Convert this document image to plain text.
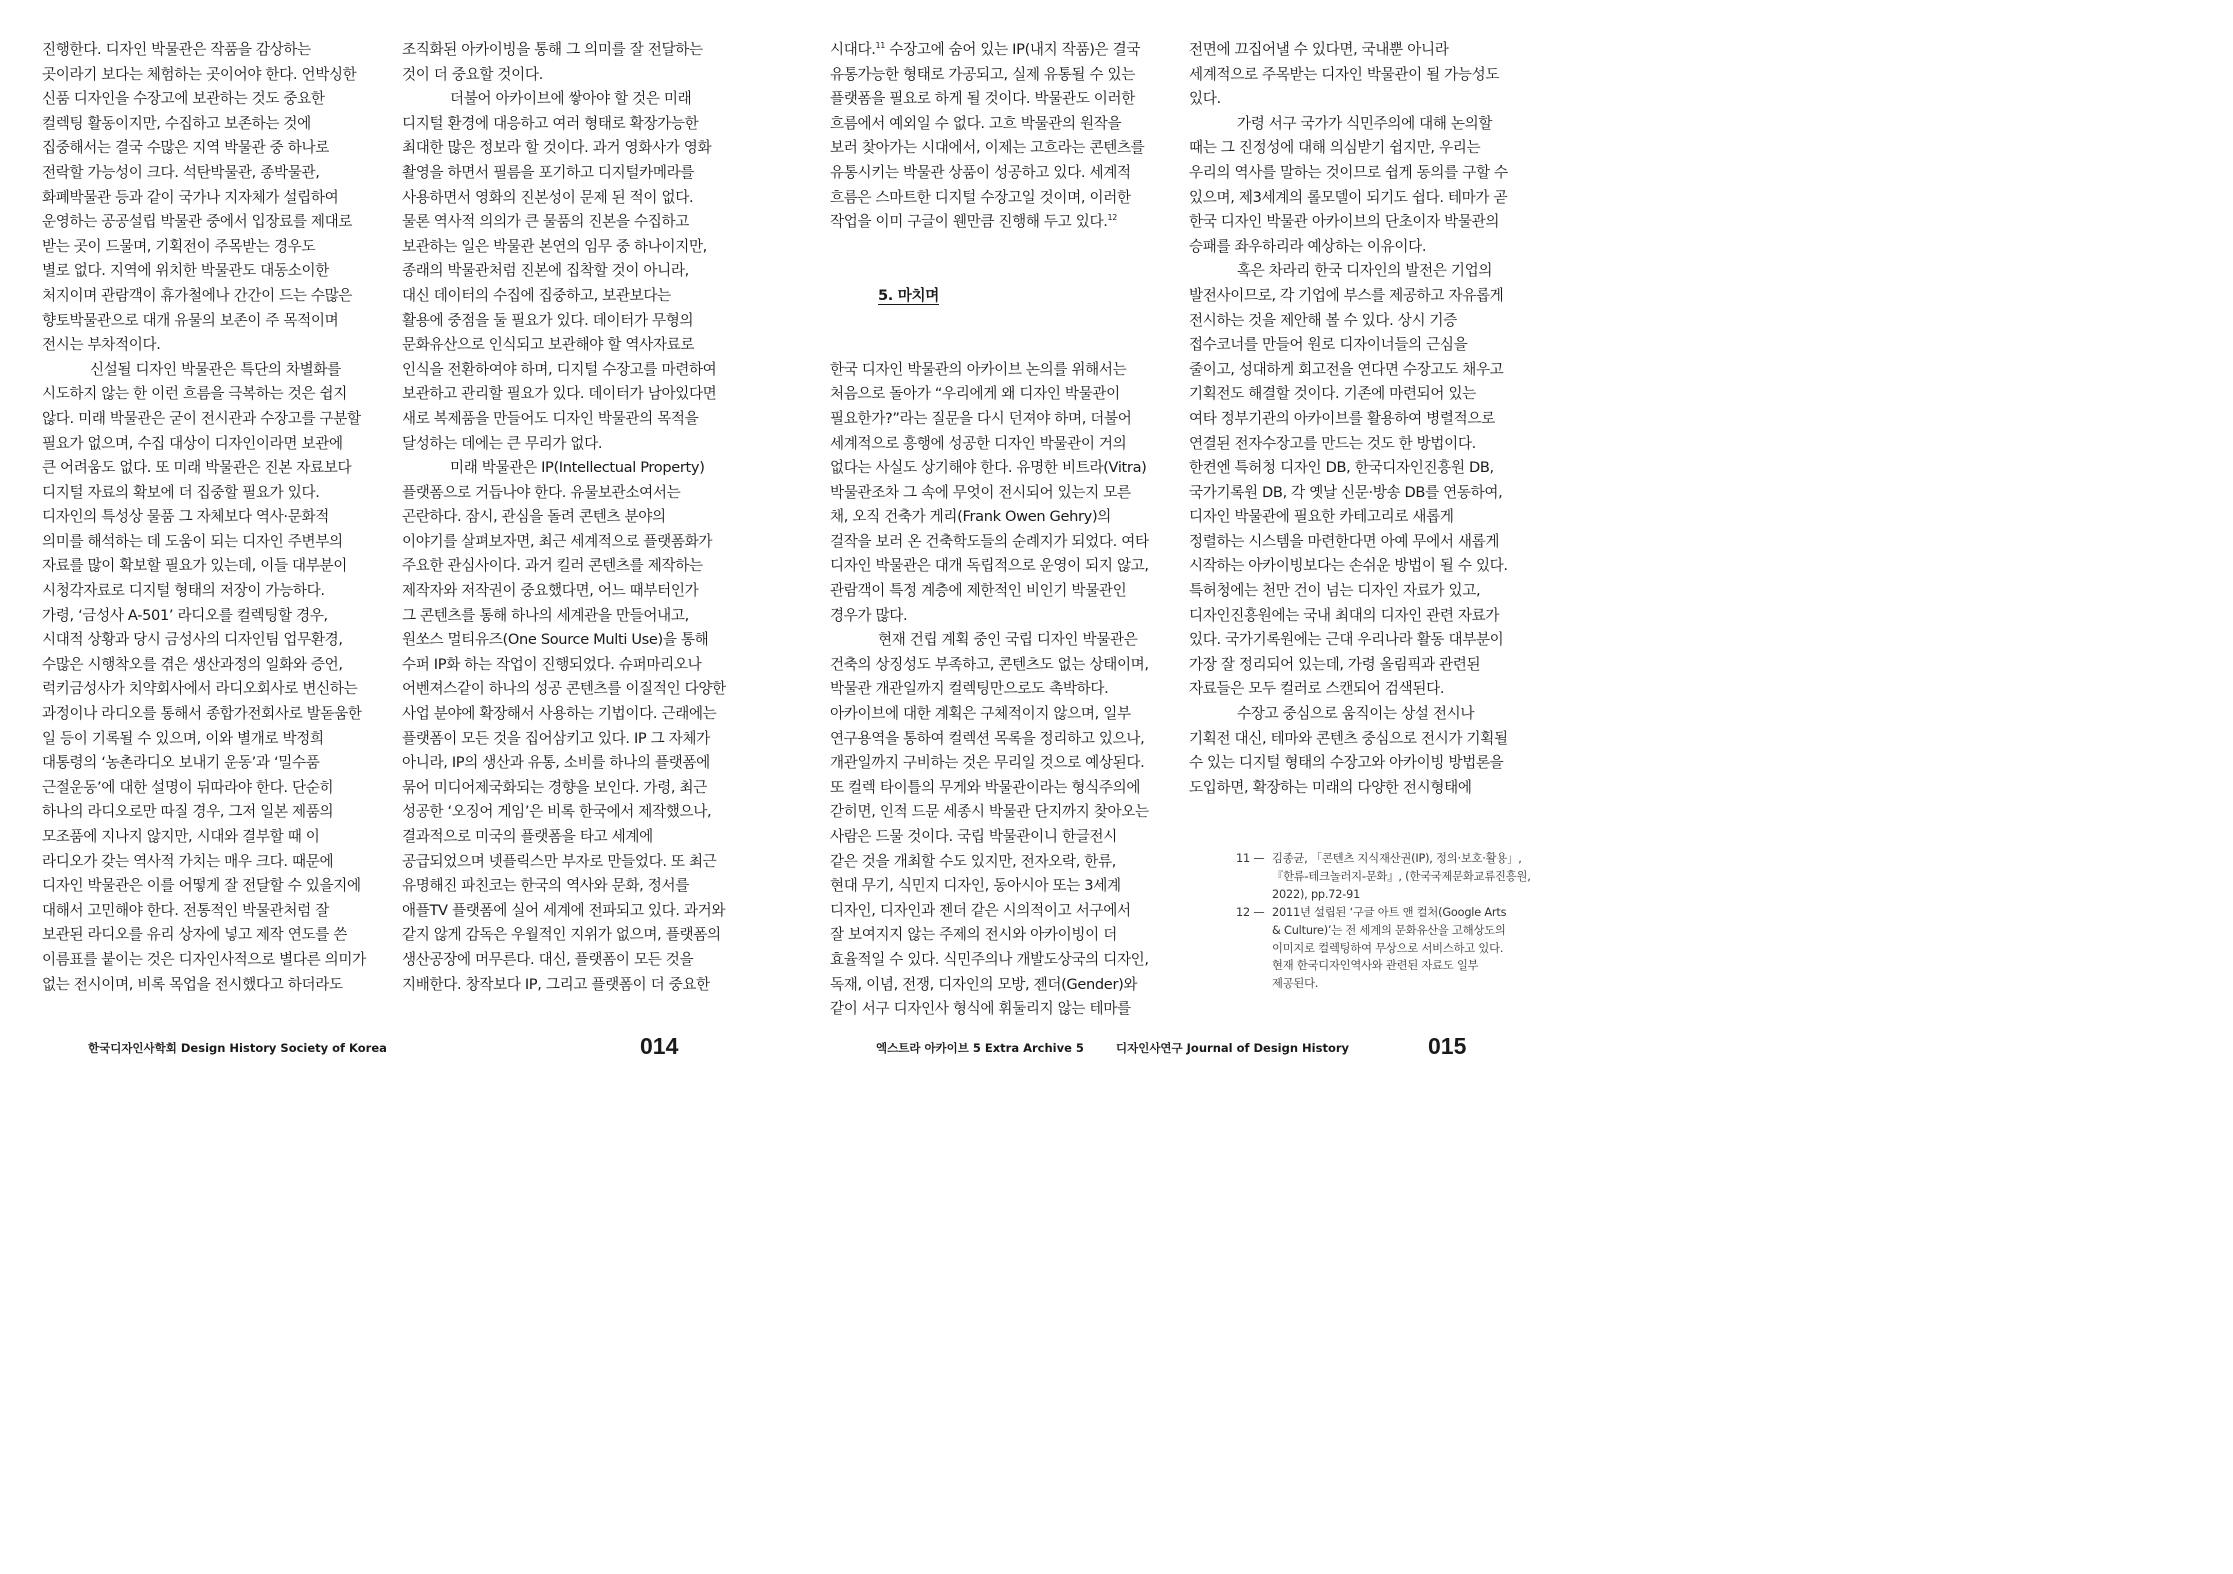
진행한다. 디자인 박물관은 작품을 감상하는

곳이라기 보다는 체험하는 곳이어야 한다. 언박싱한

신품 디자인을 수장고에 보관하는 것도 중요한

컬렉팅 활동이지만, 수집하고 보존하는 것에

집중해서는 결국 수많은 지역 박물관 중 하나로

전락할 가능성이 크다. 석탄박물관, 종박물관,

화폐박물관 등과 같이 국가나 지자체가 설립하여

운영하는 공공설립 박물관 중에서 입장료를 제대로

받는 곳이 드물며, 기획전이 주목받는 경우도

별로 없다. 지역에 위치한 박물관도 대동소이한

처지이며 관람객이 휴가철에나 간간이 드는 수많은

향토박물관으로 대개 유물의 보존이 주 목적이며

전시는 부차적이다.

신설될 디자인 박물관은 특단의 차별화를

시도하지 않는 한 이런 흐름을 극복하는 것은 쉽지

않다. 미래 박물관은 굳이 전시관과 수장고를 구분할

필요가 없으며, 수집 대상이 디자인이라면 보관에

큰 어려움도 없다. 또 미래 박물관은 진본 자료보다

디지털 자료의 확보에 더 집중할 필요가 있다.

디자인의 특성상 물품 그 자체보다 역사·문화적

의미를 해석하는 데 도움이 되는 디자인 주변부의

자료를 많이 확보할 필요가 있는데, 이들 대부분이

시청각자료로 디지털 형태의 저장이 가능하다.

가령, ‘금성사 A-501’ 라디오를 컬렉팅할 경우,

시대적 상황과 당시 금성사의 디자인팀 업무환경,

수많은 시행착오를 겪은 생산과정의 일화와 증언,

럭키금성사가 치약회사에서 라디오회사로 변신하는

과정이나 라디오를 통해서 종합가전회사로 발돋움한

일 등이 기록될 수 있으며, 이와 별개로 박정희

대통령의 ‘농촌라디오 보내기 운동’과 ‘밀수품

근절운동’에 대한 설명이 뒤따라야 한다. 단순히

하나의 라디오로만 따질 경우, 그저 일본 제품의

모조품에 지나지 않지만, 시대와 결부할 때 이

라디오가 갖는 역사적 가치는 매우 크다. 때문에

디자인 박물관은 이를 어떻게 잘 전달할 수 있을지에

대해서 고민해야 한다. 전통적인 박물관처럼 잘

보관된 라디오를 유리 상자에 넣고 제작 연도를 쓴

이름표를 붙이는 것은 디자인사적으로 별다른 의미가

없는 전시이며, 비록 목업을 전시했다고 하더라도

조직화된 아카이빙을 통해 그 의미를 잘 전달하는

것이 더 중요할 것이다.

더불어 아카이브에 쌓아야 할 것은 미래

디지털 환경에 대응하고 여러 형태로 확장가능한

최대한 많은 정보라 할 것이다. 과거 영화사가 영화

촬영을 하면서 필름을 포기하고 디지털카메라를

사용하면서 영화의 진본성이 문제 된 적이 없다.

물론 역사적 의의가 큰 물품의 진본을 수집하고

보관하는 일은 박물관 본연의 임무 중 하나이지만,

종래의 박물관처럼 진본에 집착할 것이 아니라,

대신 데이터의 수집에 집중하고, 보관보다는

활용에 중점을 둘 필요가 있다. 데이터가 무형의

문화유산으로 인식되고 보관해야 할 역사자료로

인식을 전환하여야 하며, 디지털 수장고를 마련하여

보관하고 관리할 필요가 있다. 데이터가 남아있다면

새로 복제품을 만들어도 디자인 박물관의 목적을

달성하는 데에는 큰 무리가 없다.

미래 박물관은 IP(Intellectual Property)

플랫폼으로 거듭나야 한다. 유물보관소여서는

곤란하다. 잠시, 관심을 돌려 콘텐츠 분야의

이야기를 살펴보자면, 최근 세계적으로 플랫폼화가

주요한 관심사이다. 과거 킬러 콘텐츠를 제작하는

제작자와 저작권이 중요했다면, 어느 때부터인가

그 콘텐츠를 통해 하나의 세계관을 만들어내고,

원쏘스 멀티유즈(One Source Multi Use)을 통해

수퍼 IP화 하는 작업이 진행되었다. 슈퍼마리오나

어벤져스같이 하나의 성공 콘텐츠를 이질적인 다양한

사업 분야에 확장해서 사용하는 기법이다. 근래에는

플랫폼이 모든 것을 집어삼키고 있다. IP 그 자체가

아니라, IP의 생산과 유통, 소비를 하나의 플랫폼에

묶어 미디어제국화되는 경향을 보인다. 가령, 최근

성공한 ‘오징어 게임’은 비록 한국에서 제작했으나,

결과적으로 미국의 플랫폼을 타고 세계에

공급되었으며 넷플릭스만 부자로 만들었다. 또 최근

유명해진 파친코는 한국의 역사와 문화, 정서를

애플TV 플랫폼에 실어 세계에 전파되고 있다. 과거와

같지 않게 감독은 우월적인 지위가 없으며, 플랫폼의

생산공장에 머무른다. 대신, 플랫폼이 모든 것을

지배한다. 창작보다 IP, 그리고 플랫폼이 더 중요한

시대다.$^{11}$ 수장고에 숨어 있는 IP(내지 작품)은 결국

유통가능한 형태로 가공되고, 실제 유통될 수 있는

플랫폼을 필요로 하게 될 것이다. 박물관도 이러한

흐름에서 예외일 수 없다. 고흐 박물관의 원작을

보러 찾아가는 시대에서, 이제는 고흐라는 콘텐츠를

유통시키는 박물관 상품이 성공하고 있다. 세계적

흐름은 스마트한 디지털 수장고일 것이며, 이러한

작업을 이미 구글이 웬만큼 진행해 두고 있다.$^{12}$

5. 마치며

한국 디자인 박물관의 아카이브 논의를 위해서는

처음으로 돌아가 “우리에게 왜 디자인 박물관이

필요한가?”라는 질문을 다시 던져야 하며, 더불어

세계적으로 흥행에 성공한 디자인 박물관이 거의

없다는 사실도 상기해야 한다. 유명한 비트라(Vitra)

박물관조차 그 속에 무엇이 전시되어 있는지 모른

채, 오직 건축가 게리(Frank Owen Gehry)의

걸작을 보러 온 건축학도들의 순례지가 되었다. 여타

디자인 박물관은 대개 독립적으로 운영이 되지 않고,

관람객이 특정 계층에 제한적인 비인기 박물관인

경우가 많다.

현재 건립 계획 중인 국립 디자인 박물관은

건축의 상징성도 부족하고, 콘텐츠도 없는 상태이며,

박물관 개관일까지 컬렉팅만으로도 촉박하다.

아카이브에 대한 계획은 구체적이지 않으며, 일부

연구용역을 통하여 컬렉션 목록을 정리하고 있으나,

개관일까지 구비하는 것은 무리일 것으로 예상된다.

또 컬렉 타이틀의 무게와 박물관이라는 형식주의에

갇히면, 인적 드문 세종시 박물관 단지까지 찾아오는

사람은 드물 것이다. 국립 박물관이니 한글전시

같은 것을 개최할 수도 있지만, 전자오락, 한류,

현대 무기, 식민지 디자인, 동아시아 또는 3세계

디자인, 디자인과 젠더 같은 시의적이고 서구에서

잘 보여지지 않는 주제의 전시와 아카이빙이 더

효율적일 수 있다. 식민주의나 개발도상국의 디자인,

독재, 이념, 전쟁, 디자인의 모방, 젠더(Gender)와

같이 서구 디자인사 형식에 휘둘리지 않는 테마를

전면에 끄집어낼 수 있다면, 국내뿐 아니라

세계적으로 주목받는 디자인 박물관이 될 가능성도

있다.

가령 서구 국가가 식민주의에 대해 논의할

때는 그 진정성에 대해 의심받기 쉽지만, 우리는

우리의 역사를 말하는 것이므로 쉽게 동의를 구할 수

있으며, 제3세계의 롤모델이 되기도 쉽다. 테마가 곧

한국 디자인 박물관 아카이브의 단초이자 박물관의

승패를 좌우하리라 예상하는 이유이다.

혹은 차라리 한국 디자인의 발전은 기업의

발전사이므로, 각 기업에 부스를 제공하고 자유롭게

전시하는 것을 제안해 볼 수 있다. 상시 기증

접수코너를 만들어 원로 디자이너들의 근심을

줄이고, 성대하게 회고전을 연다면 수장고도 채우고

기획전도 해결할 것이다. 기존에 마련되어 있는

여타 정부기관의 아카이브를 활용하여 병렬적으로

연결된 전자수장고를 만드는 것도 한 방법이다.

한켠엔 특허청 디자인 DB, 한국디자인진흥원 DB,

국가기록원 DB, 각 옛날 신문·방송 DB를 연동하여,

디자인 박물관에 필요한 카테고리로 새롭게

정렬하는 시스템을 마련한다면 아예 무에서 새롭게

시작하는 아카이빙보다는 손쉬운 방법이 될 수 있다.

특허청에는 천만 건이 넘는 디자인 자료가 있고,

디자인진흥원에는 국내 최대의 디자인 관련 자료가

있다. 국가기록원에는 근대 우리나라 활동 대부분이

가장 잘 정리되어 있는데, 가령 올림픽과 관련된

자료들은 모두 컬러로 스캔되어 검색된다.

수장고 중심으로 움직이는 상설 전시나

기획전 대신, 테마와 콘텐츠 중심으로 전시가 기획될

수 있는 디지털 형태의 수장고와 아카이빙 방법론을

도입하면, 확장하는 미래의 다양한 전시형태에

11 — 김종균, 「콘텐츠 지식재산권(IP), 정의·보호·활용」,
『한류-테크놀러지-문화』, (한국국제문화교류진흥원,
2022), pp.72-91
12 — 2011년 설립된 ‘구글 아트 앤 컬처(Google Arts
& Culture)’는 전 세계의 문화유산을 고해상도의
이미지로 컬렉팅하여 무상으로 서비스하고 있다.
현재 한국디자인역사와 관련된 자료도 일부
제공된다.
한국디자인사학회 Design History Society of Korea	014	엑스트라 아카이브 5 Extra Archive 5	디자인사연구 Journal of Design History	015
